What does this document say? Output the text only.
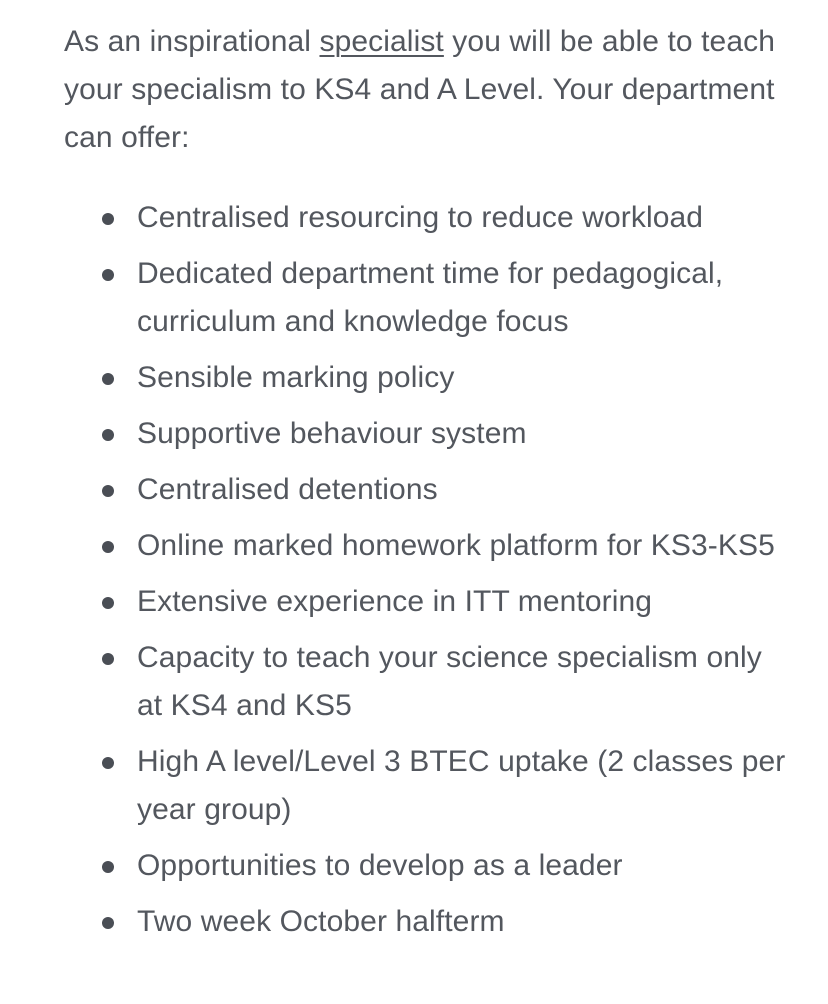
As an inspirational specialist you will be able to teach your specialism to KS4 and A Level. Your department can offer:

Centralised resourcing to reduce workload
Dedicated department time for pedagogical, curriculum and knowledge focus
Sensible marking policy
Supportive behaviour system
Centralised detentions
Online marked homework platform for KS3-KS5
Extensive experience in ITT mentoring
Capacity to teach your science specialism only at KS4 and KS5
High A level/Level 3 BTEC uptake (2 classes per year group)
Opportunities to develop as a leader
Two week October halfterm
